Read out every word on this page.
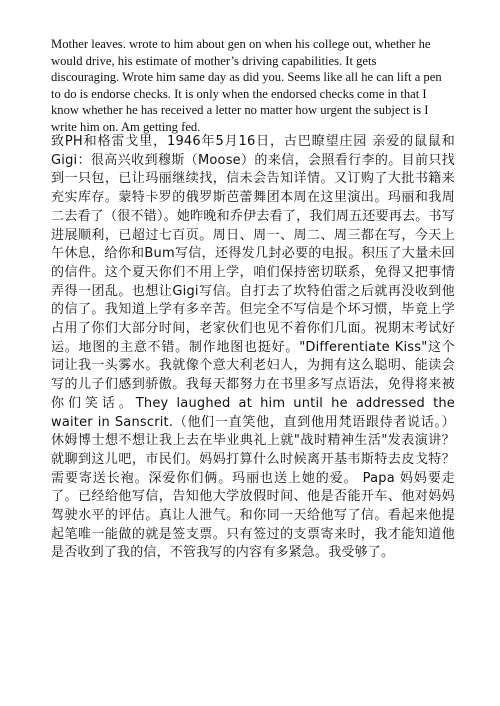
Mother leaves. wrote to him about gen on when his college out, whether he would drive, his estimate of mother’s driving capabilities. It gets discouraging. Wrote him same day as did you. Seems like all he can lift a pen to do is endorse checks. It is only when the endorsed checks come in that I know whether he has received a letter no matter how urgent the subject is I write him on. Am getting fed.

致PH和格雷戈里，1946年5月16日，古巴瞭望庄园 亲爱的鼠鼠和Gigi：很高兴收到穆斯（Moose）的来信，会照看行李的。目前只找到一只包，已让玛丽继续找，信未会告知详情。又订购了大批书籍来充实库存。蒙特卡罗的俄罗斯芭蕾舞团本周在这里演出。玛丽和我周二去看了（很不错）。她昨晚和乔伊去看了，我们周五还要再去。书写进展顺利，已超过七百页。周日、周一、周二、周三都在写，今天上午休息，给你和Bum写信，还得发几封必要的电报。积压了大量未回的信件。这个夏天你们不用上学，咱们保持密切联系，免得又把事情弄得一团乱。也想让Gigi写信。自打去了坎特伯雷之后就再没收到他的信了。我知道上学有多辛苦。但完全不写信是个坏习惯，毕竟上学占用了你们大部分时间，老家伙们也见不着你们几面。祝期末考试好运。地图的主意不错。制作地图也挺好。"Differentiate Kiss"这个词让我一头雾水。我就像个意大利老妇人，为拥有这么聪明、能读会写的儿子们感到骄傲。我每天都努力在书里多写点语法，免得将来被你们笑话。They laughed at him until he addressed the waiter in Sanscrit.（他们一直笑他，直到他用梵语跟侍者说话。）休姆博士想不想让我上去在毕业典礼上就"战时精神生活"发表演讲？就聊到这儿吧，市民们。妈妈打算什么时候离开基韦斯特去皮戈特？需要寄送长袍。深爱你们俩。玛丽也送上她的爱。 Papa 妈妈要走了。已经给他写信，告知他大学放假时间、他是否能开车、他对妈妈驾驶水平的评估。真让人泄气。和你同一天给他写了信。看起来他提起笔唯一能做的就是签支票。只有签过的支票寄来时，我才能知道他是否收到了我的信，不管我写的内容有多紧急。我受够了。
